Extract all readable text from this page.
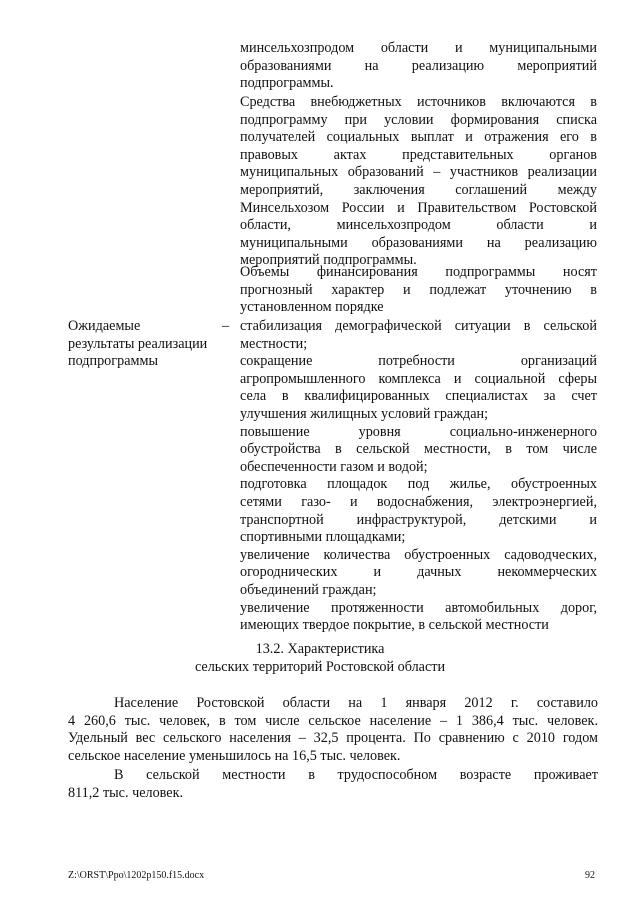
минсельхозпродом области и муниципальными
образованиями на реализацию мероприятий
подпрограммы.
Средства внебюджетных источников включаются в
подпрограмму при условии формирования списка
получателей социальных выплат и отражения его в
правовых актах представительных органов
муниципальных образований – участников реализации
мероприятий, заключения соглашений между
Минсельхозом России и Правительством Ростовской
области, минсельхозпродом области и
муниципальными образованиями на реализацию
мероприятий подпрограммы.
Объемы финансирования подпрограммы носят
прогнозный характер и подлежат уточнению в
установленном порядке
Ожидаемые
результаты реализации
подпрограммы
– стабилизация демографической ситуации в сельской
местности;
сокращение потребности организаций
агропромышленного комплекса и социальной сферы
села в квалифицированных специалистах за счет
улучшения жилищных условий граждан;
повышение уровня социально-инженерного
обустройства в сельской местности, в том числе
обеспеченности газом и водой;
подготовка площадок под жилье, обустроенных
сетями газо- и водоснабжения, электроэнергией,
транспортной инфраструктурой, детскими и
спортивными площадками;
увеличение количества обустроенных садоводческих,
огороднических и дачных некоммерческих
объединений граждан;
увеличение протяженности автомобильных дорог,
имеющих твердое покрытие, в сельской местности
13.2. Характеристика
сельских территорий Ростовской области
Население Ростовской области на 1 января 2012 г. составило
4 260,6 тыс. человек, в том числе сельское население – 1 386,4 тыс. человек.
Удельный вес сельского населения – 32,5 процента. По сравнению с 2010 годом
сельское население уменьшилось на 16,5 тыс. человек.
В сельской местности в трудоспособном возрасте проживает
811,2 тыс. человек.
Z:\ORST\Ppo\1202p150.f15.docx	92
